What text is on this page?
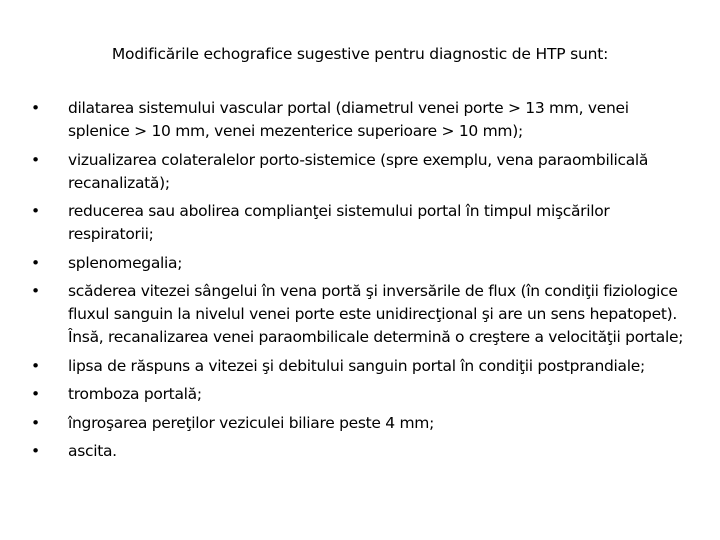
Modificările echografice sugestive pentru diagnostic de HTP sunt:
• dilatarea sistemului vascular portal (diametrul venei porte > 13 mm, venei splenice > 10 mm, venei mezenterice superioare > 10 mm);
• vizualizarea colateralelor porto-sistemice (spre exemplu, vena paraombilicală recanalizată);
• reducerea sau abolirea complianţei sistemului portal în timpul mişcărilor respiratorii;
• splenomegalia;
• scăderea vitezei sângelui în vena portă şi inversările de flux (în condiţii fiziologice fluxul sanguin la nivelul venei porte este unidirecţional şi are un sens hepatopet). Însă, recanalizarea venei paraombilicale determină o creştere a velocităţii portale;
• lipsa de răspuns a vitezei şi debitului sanguin portal în condiţii postprandiale;
• tromboza portală;
• îngroşarea pereţilor veziculei biliare peste 4 mm;
• ascita.
